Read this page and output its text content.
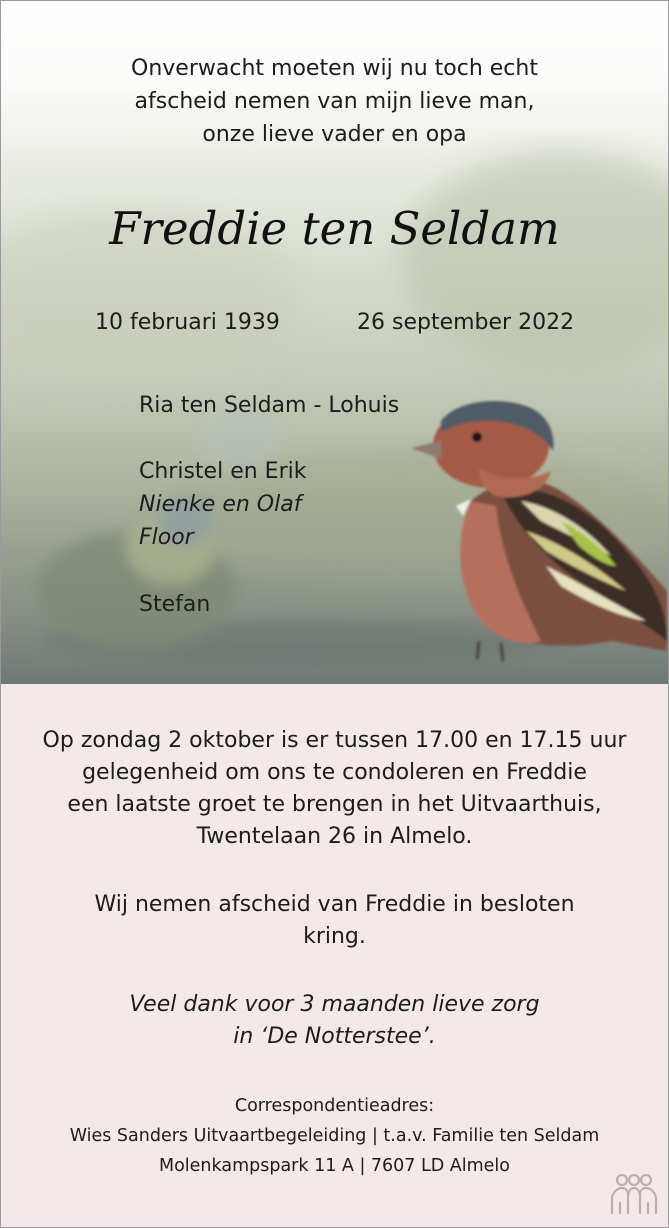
Onverwacht moeten wij nu toch echt
afscheid nemen van mijn lieve man,
onze lieve vader en opa
Freddie ten Seldam
10 februari 1939	26 september 2022
Ria ten Seldam - Lohuis
Christel en Erik
Nienke en Olaf
Floor
Stefan
Op zondag 2 oktober is er tussen 17.00 en 17.15 uur
gelegenheid om ons te condoleren en Freddie
een laatste groet te brengen in het Uitvaarthuis,
Twentelaan 26 in Almelo.
Wij nemen afscheid van Freddie in besloten
kring.
Veel dank voor 3 maanden lieve zorg
in ‘De Notterstee’.
Correspondentieadres:
Wies Sanders Uitvaartbegeleiding | t.a.v. Familie ten Seldam
Molenkampspark 11 A | 7607 LD Almelo
